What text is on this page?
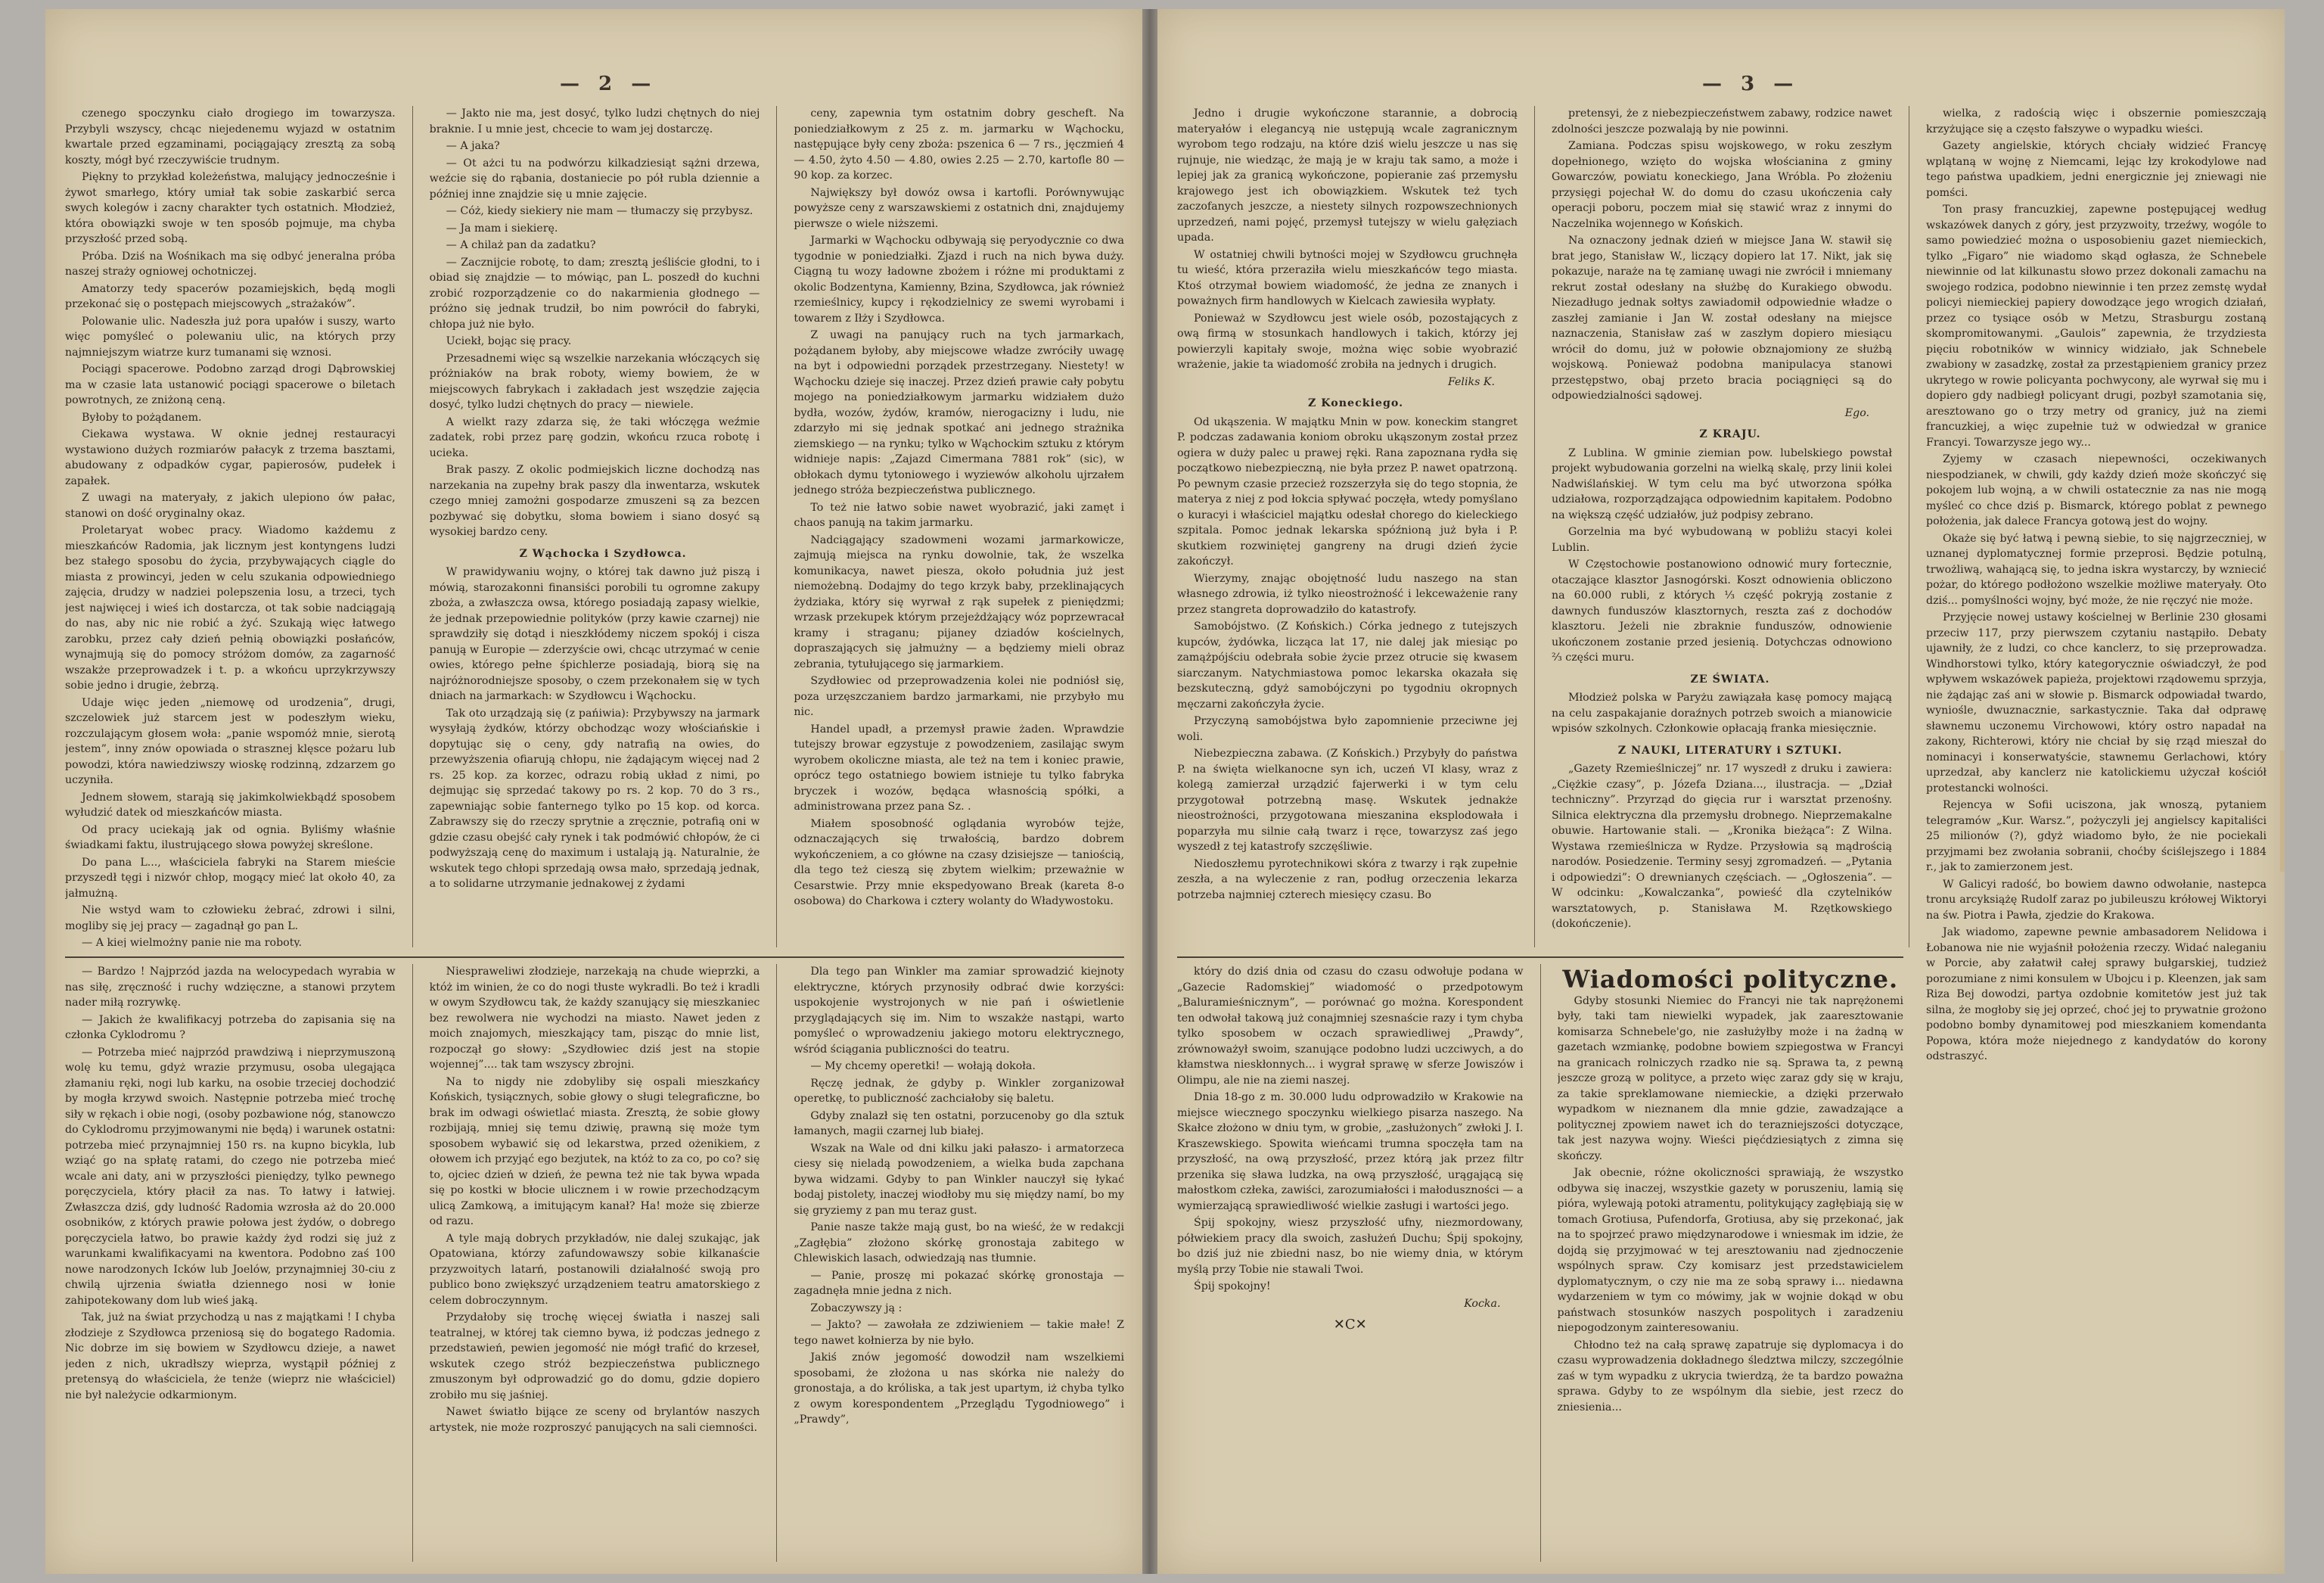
— 2 —

czenego spoczynku ciało drogiego im towarzysza. Przybyli wszyscy, chcąc niejedenemu wyjazd w ostatnim kwartale przed egzaminami, pociągający zresztą za sobą koszty, mógł być rzeczywiście trudnym.

Piękny to przykład koleżeństwa, malujący jednocześnie i żywot smarłego, który umiał tak sobie zaskarbić serca swych kolegów i zacny charakter tych ostatnich. Młodzież, która obowiązki swoje w ten sposób pojmuje, ma chyba przyszłość przed sobą.

Próba. Dziś na Wośnikach ma się odbyć jeneralna próba naszej straży ogniowej ochotniczej.

Amatorzy tedy spacerów pozamiejskich, będą mogli przekonać się o postępach miejscowych „strażaków”.

Polowanie ulic. Nadeszła już pora upałów i suszy, warto więc pomyśleć o polewaniu ulic, na których przy najmniejszym wiatrze kurz tumanami się wznosi.

Pociągi spacerowe. Podobno zarząd drogi Dąbrowskiej ma w czasie lata ustanowić pociągi spacerowe o biletach powrotnych, ze zniżoną ceną.

Byłoby to pożądanem.

Ciekawa wystawa. W oknie jednej restauracyi wystawiono dużych rozmiarów pałacyk z trzema basztami, abudowany z odpadków cygar, papierosów, pudełek i zapałek.

Z uwagi na materyały, z jakich ulepiono ów pałac, stanowi on dość oryginalny okaz.

Proletaryat wobec pracy. Wiadomo każdemu z mieszkańców Radomia, jak licznym jest kontyngens ludzi bez stałego sposobu do życia, przybywających ciągle do miasta z prowincyi, jeden w celu szukania odpowiedniego zajęcia, drudzy w nadziei polepszenia losu, a trzeci, tych jest najwięcej i wieś ich dostarcza, ot tak sobie nadciągają do nas, aby nic nie robić a żyć. Szukają więc łatwego zarobku, przez cały dzień pełnią obowiązki posłańców, wynajmują się do pomocy stróżom domów, za zagarność wszakże przeprowadzek i t. p. a wkońcu uprzykrzywszy sobie jedno i drugie, żebrzą.

Udaje więc jeden „niemowę od urodzenia”, drugi, szczelowiek już starcem jest w podeszłym wieku, rozczulającym głosem woła: „panie wspomóż mnie, sierotą jestem”, inny znów opowiada o strasznej klęsce pożaru lub powodzi, która nawiedziwszy wioskę rodzinną, zdzarzem go uczyniła.

Jednem słowem, starają się jakimkolwiekbądź sposobem wyłudzić datek od mieszkańców miasta.

Od pracy uciekają jak od ognia. Byliśmy właśnie świadkami faktu, ilustrującego słowa powyżej skreślone.

Do pana L..., właściciela fabryki na Starem mieście przyszedł tęgi i nizwór chłop, mogący mieć lat około 40, za jałmużną.

Nie wstyd wam to człowieku żebrać, zdrowi i silni, mogliby się jej pracy — zagadnął go pan L.

— A kiej wielmożny panie nie ma roboty.

— Jakto nie ma, jest dosyć, tylko ludzi chętnych do niej braknie. I u mnie jest, chcecie to wam jej dostarczę.

— A jaka?

— Ot ażci tu na podwórzu kilkadziesiąt sążni drzewa, weźcie się do rąbania, dostaniecie po pół rubla dziennie a później inne znajdzie się u mnie zajęcie.

— Cóż, kiedy siekiery nie mam — tłumaczy się przybysz.

— Ja mam i siekierę.

— A chilaż pan da zadatku?

— Zacznijcie robotę, to dam; zresztą jeśliście głodni, to i obiad się znajdzie — to mówiąc, pan L. poszedł do kuchni zrobić rozporządzenie co do nakarmienia głodnego — próżno się jednak trudził, bo nim powrócił do fabryki, chłopa już nie było.

Uciekł, bojąc się pracy.

Przesadnemi więc są wszelkie narzekania włóczących się próżniaków na brak roboty, wiemy bowiem, że w miejscowych fabrykach i zakładach jest wszędzie zajęcia dosyć, tylko ludzi chętnych do pracy — niewiele.

A wielkt razy zdarza się, że taki włóczęga weźmie zadatek, robi przez parę godzin, wkońcu rzuca robotę i ucieka.

Brak paszy. Z okolic podmiejskich liczne dochodzą nas narzekania na zupełny brak paszy dla inwentarza, wskutek czego mniej zamożni gospodarze zmuszeni są za bezcen pozbywać się dobytku, słoma bowiem i siano dosyć są wysokiej bardzo ceny.

Z Wąchocka i Szydłowca.

W prawidywaniu wojny, o której tak dawno już piszą i mówią, starozakonni finansiści porobili tu ogromne zakupy zboża, a zwłaszcza owsa, którego posiadają zapasy wielkie, że jednak przepowiednie polityków (przy kawie czarnej) nie sprawdziły się dotąd i nieszkłódemy niczem spokój i cisza panują w Europie — zderzyście owi, chcąc utrzymać w cenie owies, którego pełne śpichlerze posiadają, biorą się na najróżnorodniejsze sposoby, o czem przekonałem się w tych dniach na jarmarkach: w Szydłowcu i Wąchocku.

Tak oto urządzają się (z pańiwia): Przybywszy na jarmark wysyłają żydków, którzy obchodząc wozy włościańskie i dopytując się o ceny, gdy natrafią na owies, do przewyższenia ofiarują chłopu, nie żądającym więcej nad 2 rs. 25 kop. za korzec, odrazu robią układ z nimi, po dejmując się sprzedać takowy po rs. 2 kop. 70 do 3 rs., zapewniając sobie fanternego tylko po 15 kop. od korca. Zabrawszy się do rzeczy sprytnie a zręcznie, potrafią oni w gdzie czasu obejść cały rynek i tak podmówić chłopów, że ci podwyższają cenę do maximum i ustalają ją. Naturalnie, że wskutek tego chłopi sprzedają owsa mało, sprzedają jednak, a to solidarne utrzymanie jednakowej z żydami

ceny, zapewnia tym ostatnim dobry gescheft. Na poniedziałkowym z 25 z. m. jarmarku w Wąchocku, następujące były ceny zboża: pszenica 6 — 7 rs., jęczmień 4 — 4.50, żyto 4.50 — 4.80, owies 2.25 — 2.70, kartofle 80 — 90 kop. za korzec.

Największy był dowóz owsa i kartofli. Porównywując powyższe ceny z warszawskiemi z ostatnich dni, znajdujemy pierwsze o wiele niższemi.

Jarmarki w Wąchocku odbywają się peryodycznie co dwa tygodnie w poniedziałki. Zjazd i ruch na nich bywa duży. Ciągną tu wozy ładowne zbożem i różne mi produktami z okolic Bodzentyna, Kamienny, Bzina, Szydłowca, jak również rzemieślnicy, kupcy i rękodzielnicy ze swemi wyrobami i towarem z Iłży i Szydłowca.

Z uwagi na panujący ruch na tych jarmarkach, pożądanem byłoby, aby miejscowe władze zwróciły uwagę na byt i odpowiedni porządek przestrzegany. Niestety! w Wąchocku dzieje się inaczej. Przez dzień prawie cały pobytu mojego na poniedziałkowym jarmarku widziałem dużo bydła, wozów, żydów, kramów, nierogacizny i ludu, nie zdarzyło mi się jednak spotkać ani jednego strażnika ziemskiego — na rynku; tylko w Wąchockim sztuku z którym widnieje napis: „Zajazd Cimermana 7881 rok” (sic), w obłokach dymu tytoniowego i wyziewów alkoholu ujrzałem jednego stróża bezpieczeństwa publicznego.

To też nie łatwo sobie nawet wyobrazić, jaki zamęt i chaos panują na takim jarmarku.

Nadciągający szadowmeni wozami jarmarkowicze, zajmują miejsca na rynku dowolnie, tak, że wszelka komunikacya, nawet piesza, około południa już jest niemożebną. Dodajmy do tego krzyk baby, przeklinających żydziaka, który się wyrwał z rąk supełek z pieniędzmi; wrzask przekupek którym przejeżdżający wóz poprzewracał kramy i straganu; pijaney dziadów kościelnych, dopraszających się jałmużny — a będziemy mieli obraz zebrania, tytułującego się jarmarkiem.

Szydłowiec od przeprowadzenia kolei nie podniósł się, poza urzęszczaniem bardzo jarmarkami, nie przybyło mu nic.

Handel upadł, a przemysł prawie żaden. Wprawdzie tutejszy browar egzystuje z powodzeniem, zasilając swym wyrobem okoliczne miasta, ale też na tem i koniec prawie, oprócz tego ostatniego bowiem istnieje tu tylko fabryka bryczek i wozów, będąca własnością spółki, a administrowana przez pana Sz. .

Miałem sposobność oglądania wyrobów tejże, odznaczających się trwałością, bardzo dobrem wykończeniem, a co główne na czasy dzisiejsze — taniością, dla tego też cieszą się zbytem wielkim; przeważnie w Cesarstwie. Przy mnie ekspedyowano Break (kareta 8-o osobowa) do Charkowa i cztery wolanty do Władywostoku.

— Bardzo ! Najprzód jazda na welocypedach wyrabia w nas siłę, zręczność i ruchy wdzięczne, a stanowi przytem nader miłą rozrywkę.

— Jakich że kwalifikacyj potrzeba do zapisania się na członka Cyklodromu ?

— Potrzeba mieć najprzód prawdziwą i nieprzymuszoną wolę ku temu, gdyż wrazie przymusu, osoba ulegająca złamaniu ręki, nogi lub karku, na osobie trzeciej dochodzić by mogła krzywd swoich. Następnie potrzeba mieć trochę siły w rękach i obie nogi, (osoby pozbawione nóg, stanowczo do Cyklodromu przyjmowanymi nie będą) i warunek ostatni: potrzeba mieć przynajmniej 150 rs. na kupno bicykla, lub wziąć go na spłatę ratami, do czego nie potrzeba mieć wcale ani daty, ani w przyszłości pieniędzy, tylko pewnego poręczyciela, który płacił za nas. To łatwy i łatwiej. Zwłaszcza dziś, gdy ludność Radomia wzrosła aż do 20.000 osobników, z których prawie połowa jest żydów, o dobrego poręczyciela łatwo, bo prawie każdy żyd rodzi się już z warunkami kwalifikacyami na kwentora. Podobno zaś 100 nowe narodzonych Icków lub Joelów, przynajmniej 30-ciu z chwilą ujrzenia światła dziennego nosi w łonie zahipotekowany dom lub wieś jaką.

Tak, już na świat przychodzą u nas z majątkami ! I chyba złodzieje z Szydłowca przeniosą się do bogatego Radomia. Nic dobrze im się bowiem w Szydłowcu dzieje, a nawet jeden z nich, ukradłszy wieprza, wystąpił później z pretensyą do właściciela, że tenże (wieprz nie właściciel) nie był należycie odkarmionym.

Niespraweliwi złodzieje, narzekają na chude wieprzki, a któż im winien, że co do nogi tłuste wykradli. Bo też i kradli w owym Szydłowcu tak, że każdy szanujący się mieszkaniec bez rewolwera nie wychodzi na miasto. Nawet jeden z moich znajomych, mieszkający tam, pisząc do mnie list, rozpoczął go słowy: „Szydłowiec dziś jest na stopie wojennej”.... tak tam wszyscy zbrojni.

Na to nigdy nie zdobyliby się ospali mieszkańcy Końskich, tysiącznych, sobie głowy o sługi telegraficzne, bo brak im odwagi oświetlać miasta. Zresztą, że sobie głowy rozbijają, mniej się temu dziwię, prawną się może tym sposobem wybawić się od lekarstwa, przed ożenikiem, z ołowem ich przyjąć ego bezjutek, na któż to za co, po co? się to, ojciec dzień w dzień, że pewna też nie tak bywa wpada się po kostki w błocie ulicznem i w rowie przechodzącym ulicą Zamkową, a imitującym kanał? Ha! może się zbierze od razu.

A tyle mają dobrych przykładów, nie dalej szukając, jak Opatowiana, którzy zafundowawszy sobie kilkanaście przyzwoitych latarń, postanowili działalność swoją pro publico bono zwiększyć urządzeniem teatru amatorskiego z celem dobroczynnym.

Przydałoby się trochę więcej światła i naszej sali teatralnej, w której tak ciemno bywa, iż podczas jednego z przedstawień, pewien jegomość nie mógł trafić do krzeseł, wskutek czego stróż bezpieczeństwa publicznego zmuszonym był odprowadzić go do domu, gdzie dopiero zrobiło mu się jaśniej.

Nawet światło bijące ze sceny od brylantów naszych artystek, nie może rozproszyć panujących na sali ciemności.

Dla tego pan Winkler ma zamiar sprowadzić kiejnoty elektryczne, których przynosiły odbrać dwie korzyści: uspokojenie wystrojonych w nie pań i oświetlenie przyglądających się im. Nim to wszakże nastąpi, warto pomyśleć o wprowadzeniu jakiego motoru elektrycznego, wśród ściągania publiczności do teatru.

— My chcemy operetki! — wołają dokoła.

Ręczę jednak, że gdyby p. Winkler zorganizował operetkę, to publiczność zachciałoby się baletu.

Gdyby znalazł się ten ostatni, porzucenoby go dla sztuk łamanych, magii czarnej lub białej.

Wszak na Wale od dni kilku jaki pałaszo- i armatorzeca ciesy się nieladą powodzeniem, a wielka buda zapchana bywa widzami. Gdyby to pan Winkler nauczył się łykać bodaj pistolety, inaczej wiodłoby mu się między namí, bo my się gryziemy z pan mu teraz gust.

Panie nasze także mają gust, bo na wieść, że w redakcji „Zagłębia” złożono skórkę gronostaja zabitego w Chlewiskich lasach, odwiedzają nas tłumnie.

— Panie, proszę mi pokazać skórkę gronostaja — zagadnęła mnie jedna z nich.

Zobaczywszy ją :

— Jakto? — zawołała ze zdziwieniem — takie małe! Z tego nawet kołnierza by nie było.

Jakiś znów jegomość dowodził nam wszelkiemi sposobami, że złożona u nas skórka nie należy do gronostaja, a do króliska, a tak jest upartym, iż chyba tylko z owym korespondentem „Przeglądu Tygodniowego” i „Prawdy”,

— 3 —

Jedno i drugie wykończone starannie, a dobrocią materyałów i elegancyą nie ustępują wcale zagranicznym wyrobom tego rodzaju, na które dziś wielu jeszcze u nas się rujnuje, nie wiedząc, że mają je w kraju tak samo, a może i lepiej jak za granicą wykończone, popieranie zaś przemysłu krajowego jest ich obowiązkiem. Wskutek też tych zaczofanych jeszcze, a niestety silnych rozpowszechnionych uprzedzeń, nami pojęć, przemysł tutejszy w wielu gałęziach upada.

W ostatniej chwili bytności mojej w Szydłowcu gruchnęła tu wieść, która przeraziła wielu mieszkańców tego miasta. Ktoś otrzymał bowiem wiadomość, że jedna ze znanych i poważnych firm handlowych w Kielcach zawiesiła wypłaty.

Ponieważ w Szydłowcu jest wiele osób, pozostających z ową firmą w stosunkach handlowych i takich, którzy jej powierzyli kapitały swoje, można więc sobie wyobrazić wrażenie, jakie ta wiadomość zrobiła na jednych i drugich.

Feliks K.

Z Koneckiego.

Od ukąszenia. W majątku Mnin w pow. koneckim stangret P. podczas zadawania koniom obroku ukąszonym został przez ogiera w duży palec u prawej ręki. Rana zapoznana rydła się początkowo niebezpieczną, nie była przez P. nawet opatrzoną. Po pewnym czasie przecież rozszerzyła się do tego stopnia, że materya z niej z pod łokcia spływać poczęła, wtedy pomyślano o kuracyi i właściciel majątku odesłał chorego do kieleckiego szpitala. Pomoc jednak lekarska spóźnioną już była i P. skutkiem rozwiniętej gangreny na drugi dzień życie zakończył.

Wierzymy, znając obojętność ludu naszego na stan własnego zdrowia, iż tylko nieostrożność i lekceważenie rany przez stangreta doprowadziło do katastrofy.

Samobójstwo. (Z Końskich.) Córka jednego z tutejszych kupców, żydówka, licząca lat 17, nie dalej jak miesiąc po zamążpójściu odebrała sobie życie przez otrucie się kwasem siarczanym. Natychmiastowa pomoc lekarska okazała się bezskuteczną, gdyż samobójczyni po tygodniu okropnych męczarni zakończyła życie.

Przyczyną samobójstwa było zapomnienie przeciwne jej woli.

Niebezpieczna zabawa. (Z Końskich.) Przybyły do państwa P. na święta wielkanocne syn ich, uczeń VI klasy, wraz z kolegą zamierzał urządzić fajerwerki i w tym celu przygotował potrzebną masę. Wskutek jednakże nieostrożności, przygotowana mieszanina eksplodowała i poparzyła mu silnie całą twarz i ręce, towarzysz zaś jego wyszedł z tej katastrofy szczęśliwie.

Niedoszłemu pyrotechnikowi skóra z twarzy i rąk zupełnie zeszła, a na wyleczenie z ran, podług orzeczenia lekarza potrzeba najmniej czterech miesięcy czasu. Bo

pretensyi, że z niebezpieczeństwem zabawy, rodzice nawet zdolności jeszcze pozwalają by nie powinni.

Zamiana. Podczas spisu wojskowego, w roku zeszłym dopełnionego, wzięto do wojska włościanina z gminy Gowarczów, powiatu koneckiego, Jana Wróbla. Po złożeniu przysięgi pojechał W. do domu do czasu ukończenia cały operacji poboru, poczem miał się stawić wraz z innymi do Naczelnika wojennego w Końskich.

Na oznaczony jednak dzień w miejsce Jana W. stawił się brat jego, Stanisław W., liczący dopiero lat 17. Nikt, jak się pokazuje, naraże na tę zamianę uwagi nie zwrócił i mniemany rekrut został odesłany na służbę do Kurakiego obwodu. Niezadługo jednak sołtys zawiadomił odpowiednie władze o zaszłej zamianie i Jan W. został odesłany na miejsce naznaczenia, Stanisław zaś w zaszłym dopiero miesiącu wrócił do domu, już w połowie obznajomiony ze służbą wojskową. Ponieważ podobna manipulacya stanowi przestępstwo, obaj przeto bracia pociągnięci są do odpowiedzialności sądowej.

Ego.

Z KRAJU.

Z Lublina. W gminie ziemian pow. lubelskiego powstał projekt wybudowania gorzelni na wielką skalę, przy linii kolei Nadwiślańskiej. W tym celu ma być utworzona spółka udziałowa, rozporządzająca odpowiednim kapitałem. Podobno na większą część udziałów, już podpisy zebrano.

Gorzelnia ma być wybudowaną w pobliżu stacyi kolei Lublin.

W Częstochowie postanowiono odnowić mury fortecznie, otaczające klasztor Jasnogórski. Koszt odnowienia obliczono na 60.000 rubli, z których ⅓ część pokryją zostanie z dawnych funduszów klasztornych, reszta zaś z dochodów klasztoru. Jeżeli nie zbraknie funduszów, odnowienie ukończonem zostanie przed jesienią. Dotychczas odnowiono ⅔ części muru.

ZE ŚWIATA.

Młodzież polska w Paryżu zawiązała kasę pomocy mającą na celu zaspakajanie doraźnych potrzeb swoich a mianowicie wpisów szkolnych. Członkowie opłacają franka miesięcznie.

Z NAUKI, LITERATURY i SZTUKI.

„Gazety Rzemieślniczej” nr. 17 wyszedł z druku i zawiera: „Ciężkie czasy”, p. Józefa Dziana..., ilustracja. — „Dział techniczny”. Przyrząd do gięcia rur i warsztat przenośny. Silnica elektryczna dla przemysłu drobnego. Nieprzemakalne obuwie. Hartowanie stali. — „Kronika bieżąca”: Z Wilna. Wystawa rzemieślnicza w Rydze. Przysłowia są mądrością narodów. Posiedzenie. Terminy sesyj zgromadzeń. — „Pytania i odpowiedzi”: O drewnianych częściach. — „Ogłoszenia”. — W odcinku: „Kowalczanka”, powieść dla czytelników warsztatowych, p. Stanisława M. Rzętkowskiego (dokończenie).

wielka, z radością więc i obszernie pomieszczają krzyżujące się a często fałszywe o wypadku wieści.

Gazety angielskie, których chciały widzieć Francyę wplątaną w wojnę z Niemcami, lejąc łzy krokodylowe nad tego państwa upadkiem, jedni energicznie jej zniewagi nie pomści.

Ton prasy francuzkiej, zapewne postępującej według wskazówek danych z góry, jest przyzwoity, trzeźwy, wogóle to samo powiedzieć można o usposobieniu gazet niemieckich, tylko „Figaro” nie wiadomo skąd ogłasza, że Schnebele niewinnie od lat kilkunastu słowo przez dokonali zamachu na swojego rodzica, podobno niewinnie i ten przez zemstę wydał policyi niemieckiej papiery dowodzące jego wrogich działań, przez co tysiące osób w Metzu, Strasburgu zostaną skompromitowanymi. „Gaulois” zapewnia, że trzydziesta pięciu robotników w winnicy widziało, jak Schnebele zwabiony w zasadzkę, został za przestąpieniem granicy przez ukrytego w rowie policyanta pochwycony, ale wyrwał się mu i dopiero gdy nadbiegł policyant drugi, pozbył szamotania się, aresztowano go o trzy metry od granicy, już na ziemi francuzkiej, a więc zupełnie tuż w odwiedzał w granice Francyi. Towarzysze jego wy...

Zyjemy w czasach niepewności, oczekiwanych niespodzianek, w chwili, gdy każdy dzień może skończyć się pokojem lub wojną, a w chwili ostatecznie za nas nie mogą myśleć co chce dziś p. Bismarck, którego poblat z pewnego położenia, jak dalece Francya gotową jest do wojny.

Okaże się być łatwą i pewną siebie, to się najgrzeczniej, w uznanej dyplomatycznej formie przeprosi. Będzie potulną, trwożliwą, wahającą się, to jedna iskra wystarczy, by wzniecić pożar, do którego podłożono wszelkie możliwe materyały. Oto dziś... pomyślności wojny, być może, że nie ręczyć nie może.

Przyjęcie nowej ustawy kościelnej w Berlinie 230 głosami przeciw 117, przy pierwszem czytaniu nastąpiło. Debaty ujawniły, że z ludzi, co chce kanclerz, to się przeprowadza. Windhorstowi tylko, który kategorycznie oświadczył, że pod wpływem wskazówek papieża, projektowi rządowemu sprzyja, nie żądając zaś ani w słowie p. Bismarck odpowiadał twardo, wyniośle, dwuznacznie, sarkastycznie. Taka dał odprawę sławnemu uczonemu Virchowowi, który ostro napadał na zakony, Richterowi, który nie chciał by się rząd mieszał do nominacyi i konserwatyście, stawnemu Gerlachowi, który uprzedzał, aby kanclerz nie katolickiemu użyczał kościół protestancki wolności.

Rejencya w Sofii uciszona, jak wnoszą, pytaniem telegramów „Kur. Warsz.”, pożyczyli jej angielscy kapitaliści 25 milionów (?), gdyż wiadomo było, że nie pociekali przyjmami bez zwołania sobranii, choćby ściślejszego i 1884 r., jak to zamierzonem jest.

W Galicyi radość, bo bowiem dawno odwołanie, nastepca tronu arcyksiążę Rudolf zaraz po jubileuszu krółowej Wiktoryi na św. Piotra i Pawła, zjedzie do Krakowa.

Jak wiadomo, zapewne pewnie ambasadorem Nelidowa i Łobanowa nie nie wyjaśnił położenia rzeczy. Widać naleganiu w Porcie, aby załatwił całej sprawy bułgarskiej, tudzież porozumiane z nimi konsulem w Ubojcu i p. Kleenzen, jak sam Riza Bej dowodzi, partya ozdobnie komitetów jest już tak silna, że mogłoby się jej oprzeć, choć jej to prywatnie grożono podobno bomby dynamitowej pod mieszkaniem komendanta Popowa, która może niejednego z kandydatów do korony odstraszyć.

który do dziś dnia od czasu do czasu odwołuje podana w „Gazecie Radomskiej” wiadomość o przedpotowym „Baluramieśnicznym”, — porównać go można. Korespondent ten odwołał takową już conajmniej szesnaście razy i tym chyba tylko sposobem w oczach sprawiedliwej „Prawdy”, zrównoważył swoim, szanujące podobno ludzi uczciwych, a do kłamstwa nieskłonnych... i wygrał sprawę w sferze Jowiszów i Olimpu, ale nie na ziemi naszej.

Dnia 18-go z m. 30.000 ludu odprowadziło w Krakowie na miejsce wiecznego spoczynku wielkiego pisarza naszego. Na Skałce złożono w dniu tym, w grobie, „zasłużonych” zwłoki J. I. Kraszewskiego. Spowita wieńcami trumna spoczęła tam na przyszłość, na ową przyszłość, przez którą jak przez filtr przenika się sława ludzka, na ową przyszłość, urągającą się małostkom człeka, zawiści, zarozumiałości i małoduszności — a wymierzającą sprawiedliwość wielkie zasługi i wartości jego.

Śpij spokojny, wiesz przyszłość ufny, niezmordowany, półwiekiem pracy dla swoich, zasłużeń Duchu; Śpij spokojny, bo dziś już nie zbiedni nasz, bo nie wiemy dnia, w którym myślą przy Tobie nie stawali Twoi.

Śpij spokojny!

Kocka.

✕C✕
Wiadomości polityczne.

Gdyby stosunki Niemiec do Francyi nie tak naprężonemi były, taki tam niewielki wypadek, jak zaaresztowanie komisarza Schnebele'go, nie zasłużyłby może i na żadną w gazetach wzmiankę, podobne bowiem szpiegostwa w Francyi na granicach rolniczych rzadko nie są. Sprawa ta, z pewną jeszcze grozą w polityce, a przeto więc zaraz gdy się w kraju, za takie spreklamowane niemieckie, a dzięki przerwało wypadkom w nieznanem dla mnie gdzie, zawadzające a politycznej zpowiem nawet ich do terazniejszości dotyczące, tak jest nazywa wojny. Wieści pięćdziesiątych z zimna się skończy.

Jak obecnie, różne okoliczności sprawiają, że wszystko odbywa się inaczej, wszystkie gazety w poruszeniu, lamią się pióra, wylewają potoki atramentu, politykujący zagłębiają się w tomach Grotiusa, Pufendorfa, Grotiusa, aby się przekonać, jak na to spojrzeć prawo międzynarodowe i wniesmak im idzie, że dojdą się przyjmować w tej aresztowaniu nad zjednoczenie wspólnych spraw. Czy komisarz jest przedstawicielem dyplomatycznym, o czy nie ma ze sobą sprawy i... niedawna wydarzeniem w tym co mówimy, jak w wojnie dokąd w obu państwach stosunków naszych pospolitych i zaradzeniu niepogodzonym zainteresowaniu.

Chłodno też na całą sprawę zapatruje się dyplomacya i do czasu wyprowadzenia dokładnego śledztwa milczy, szczególnie zaś w tym wypadku z ukrycia twierdzą, że ta bardzo poważna sprawa. Gdyby to ze wspólnym dla siebie, jest rzecz do zniesienia...
